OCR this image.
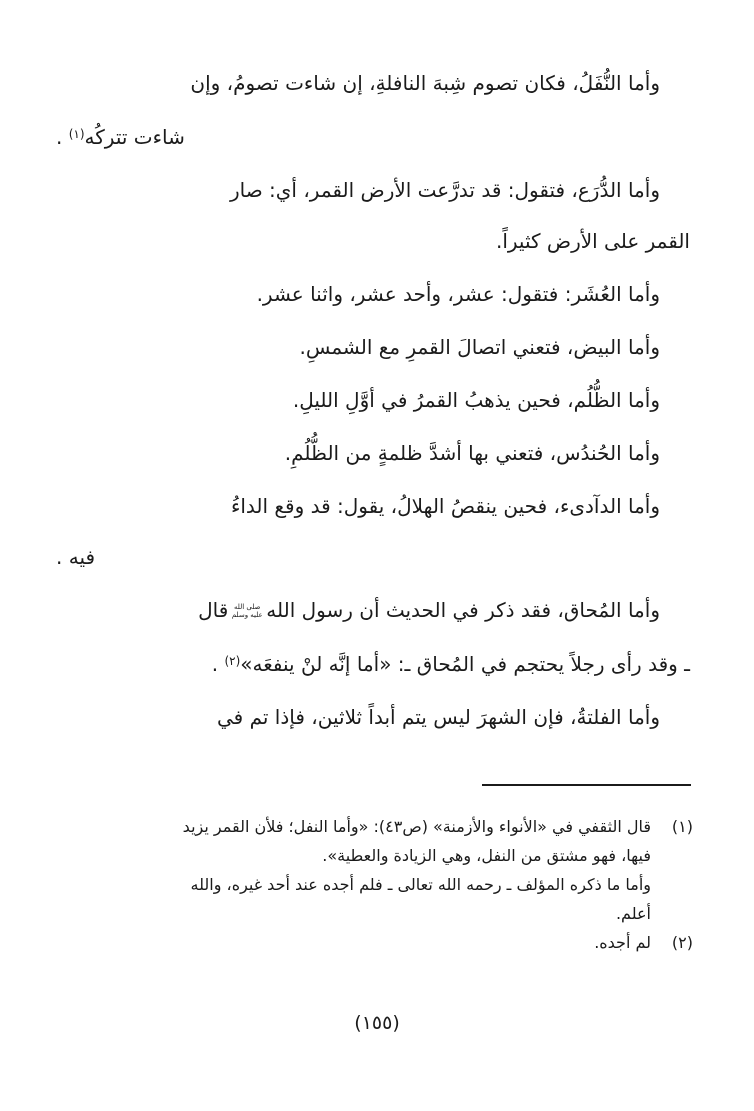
وأما النُّفَلُ، فكان تصوم شِبهَ النافلةِ، إن شاءت تصومُ، وإن
شاءت تتركُه$^{(١)}$ .
وأما الدُّرَع، فتقول: قد تدرَّعت الأرض القمر، أي: صار
القمر على الأرض كثيراً.
وأما العُشَر: فتقول: عشر، وأحد عشر، واثنا عشر.
وأما البيض، فتعني اتصالَ القمرِ مع الشمسِ.
وأما الظُّلُم، فحين يذهبُ القمرُ في أوَّلِ الليلِ.
وأما الحُندُس، فتعني بها أشدَّ ظلمةٍ من الظُّلُمِ.
وأما الدآدىء، فحين ينقصُ الهلالُ، يقول: قد وقع الداءُ
فيه .
وأما المُحاق، فقد ذكر في الحديث أن رسول اللهصلى الله عليه وسلمقال
ـ وقد رأى رجلاً يحتجم في المُحاق ـ: «أما إنَّه لنْ ينفعَه»$^{(٢)}$ .
وأما الفلتةُ، فإن الشهرَ ليس يتم أبداً ثلاثين، فإذا تم في
(١)
قال الثقفي في «الأنواء والأزمنة» (ص٤٣): «وأما النفل؛ فلأن القمر يزيد
فيها، فهو مشتق من النفل، وهي الزيادة والعطية».
وأما ما ذكره المؤلف ـ رحمه الله تعالى ـ فلم أجده عند أحد غيره، والله
أعلم.
(٢)
لم أجده.
(١٥٥)
